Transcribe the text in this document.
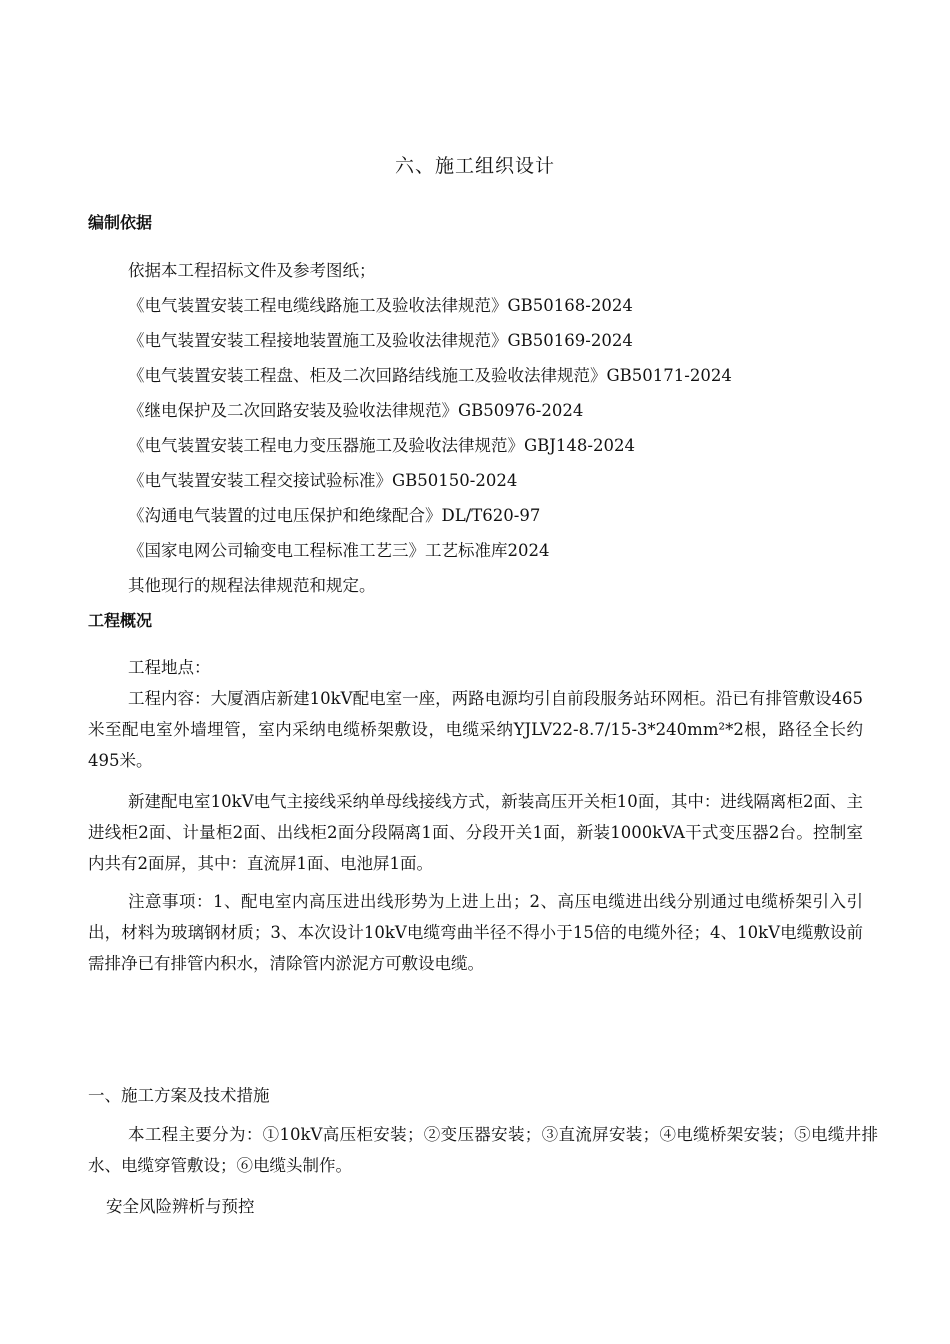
六、施工组织设计
编制依据
依据本工程招标文件及参考图纸；
《电气装置安装工程电缆线路施工及验收法律规范》GB50168-2024
《电气装置安装工程接地装置施工及验收法律规范》GB50169-2024
《电气装置安装工程盘、柜及二次回路结线施工及验收法律规范》GB50171-2024
《继电保护及二次回路安装及验收法律规范》GB50976-2024
《电气装置安装工程电力变压器施工及验收法律规范》GBJ148-2024
《电气装置安装工程交接试验标准》GB50150-2024
《沟通电气装置的过电压保护和绝缘配合》DL/T620-97
《国家电网公司输变电工程标准工艺三》工艺标准库2024
其他现行的规程法律规范和规定。
工程概况
工程地点：
工程内容：大厦酒店新建10kV配电室一座，两路电源均引自前段服务站环网柜。沿已有排管敷设465米至配电室外墙埋管，室内采纳电缆桥架敷设，电缆采纳YJLV22-8.7/15-3*240mm²*2根，路径全长约495米。
新建配电室10kV电气主接线采纳单母线接线方式，新装高压开关柜10面，其中：进线隔离柜2面、主进线柜2面、计量柜2面、出线柜2面分段隔离1面、分段开关1面，新装1000kVA干式变压器2台。控制室内共有2面屏，其中：直流屏1面、电池屏1面。
注意事项：1、配电室内高压进出线形势为上进上出；2、高压电缆进出线分别通过电缆桥架引入引出，材料为玻璃钢材质；3、本次设计10kV电缆弯曲半径不得小于15倍的电缆外径；4、10kV电缆敷设前需排净已有排管内积水，清除管内淤泥方可敷设电缆。
一、施工方案及技术措施
本工程主要分为：①10kV高压柜安装；②变压器安装；③直流屏安装；④电缆桥架安装；⑤电缆井排水、电缆穿管敷设；⑥电缆头制作。
安全风险辨析与预控
